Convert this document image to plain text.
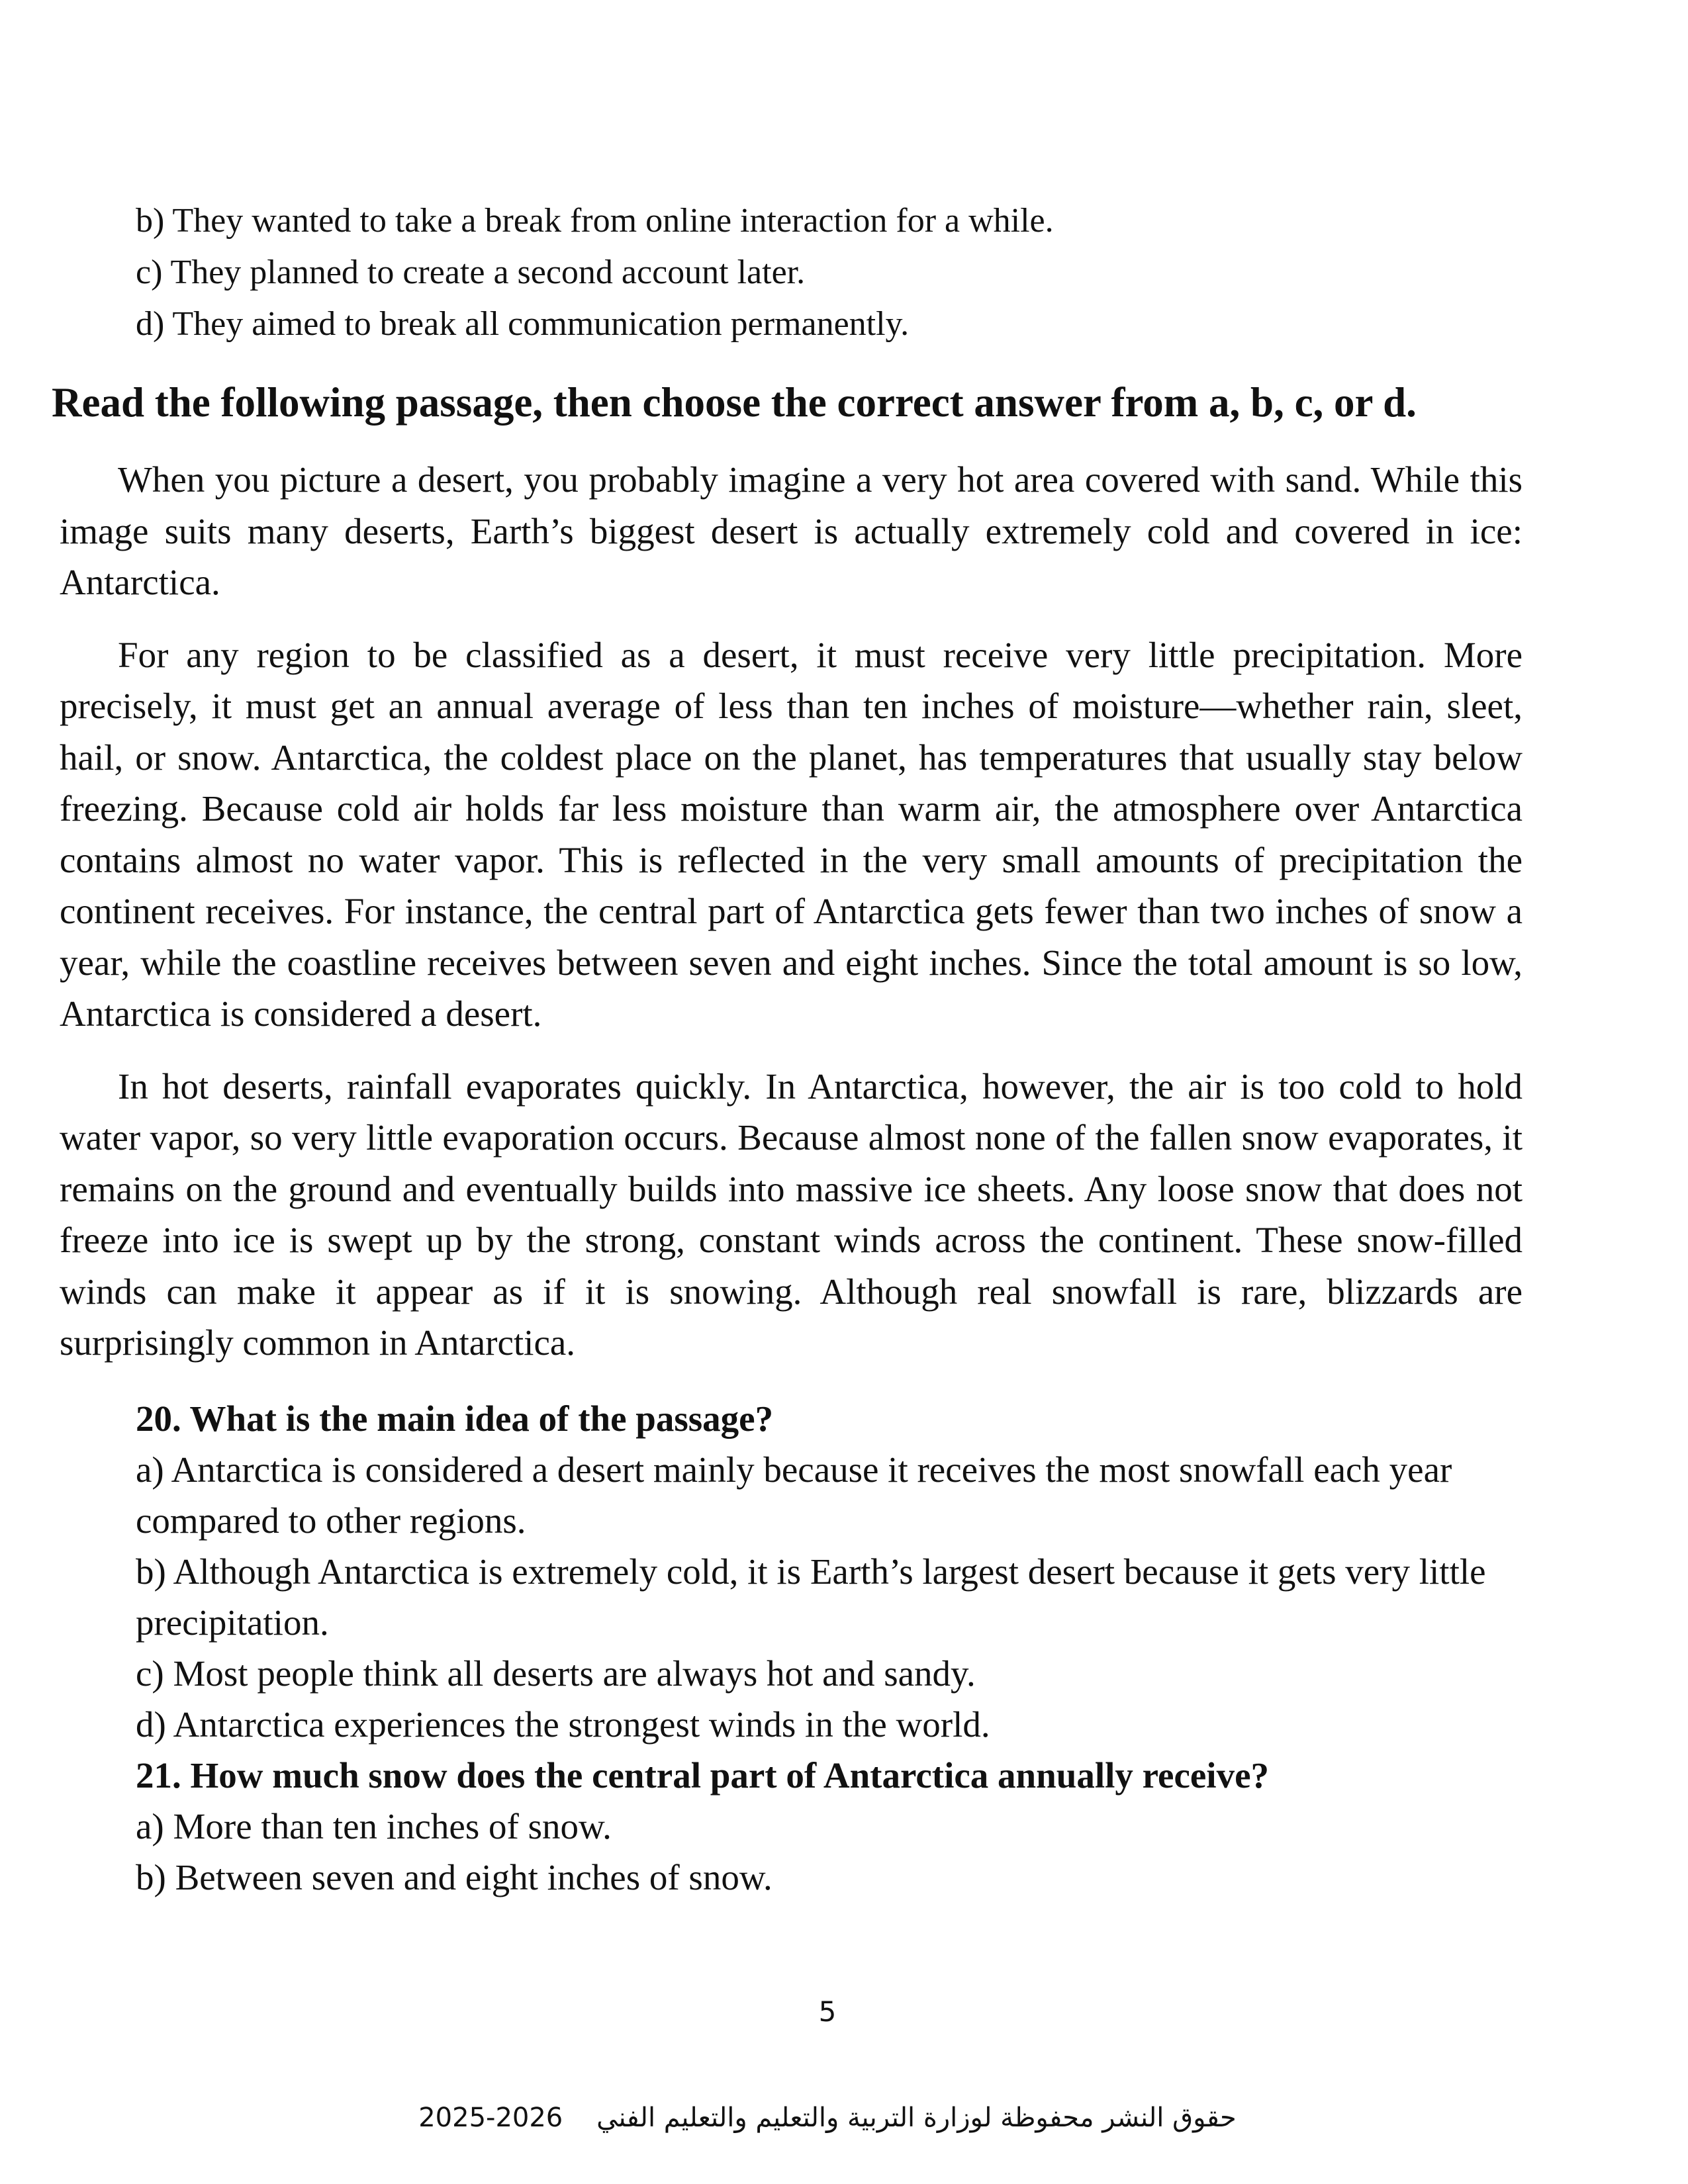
b) They wanted to take a break from online interaction for a while.

c) They planned to create a second account later.

d) They aimed to break all communication permanently.

Read the following passage, then choose the correct answer from a, b, c, or d.

When you picture a desert, you probably imagine a very hot area covered with sand. While this image suits many deserts, Earth’s biggest desert is actually extremely cold and covered in ice: Antarctica.

For any region to be classified as a desert, it must receive very little precipitation. More precisely, it must get an annual average of less than ten inches of moisture—whether rain, sleet, hail, or snow. Antarctica, the coldest place on the planet, has temperatures that usually stay below freezing. Because cold air holds far less moisture than warm air, the atmosphere over Antarctica contains almost no water vapor. This is reflected in the very small amounts of precipitation the continent receives. For instance, the central part of Antarctica gets fewer than two inches of snow a year, while the coastline receives between seven and eight inches. Since the total amount is so low, Antarctica is considered a desert.

In hot deserts, rainfall evaporates quickly. In Antarctica, however, the air is too cold to hold water vapor, so very little evaporation occurs. Because almost none of the fallen snow evaporates, it remains on the ground and eventually builds into massive ice sheets. Any loose snow that does not freeze into ice is swept up by the strong, constant winds across the continent. These snow-filled winds can make it appear as if it is snowing. Although real snowfall is rare, blizzards are surprisingly common in Antarctica.

20. What is the main idea of the passage?

a) Antarctica is considered a desert mainly because it receives the most snowfall each year compared to other regions.

b) Although Antarctica is extremely cold, it is Earth’s largest desert because it gets very little precipitation.

c) Most people think all deserts are always hot and sandy.

d) Antarctica experiences the strongest winds in the world.

21. How much snow does the central part of Antarctica annually receive?

a) More than ten inches of snow.

b) Between seven and eight inches of snow.

5

حقوق النشر محفوظة لوزارة التربية والتعليم والتعليم الفني    2025-2026
